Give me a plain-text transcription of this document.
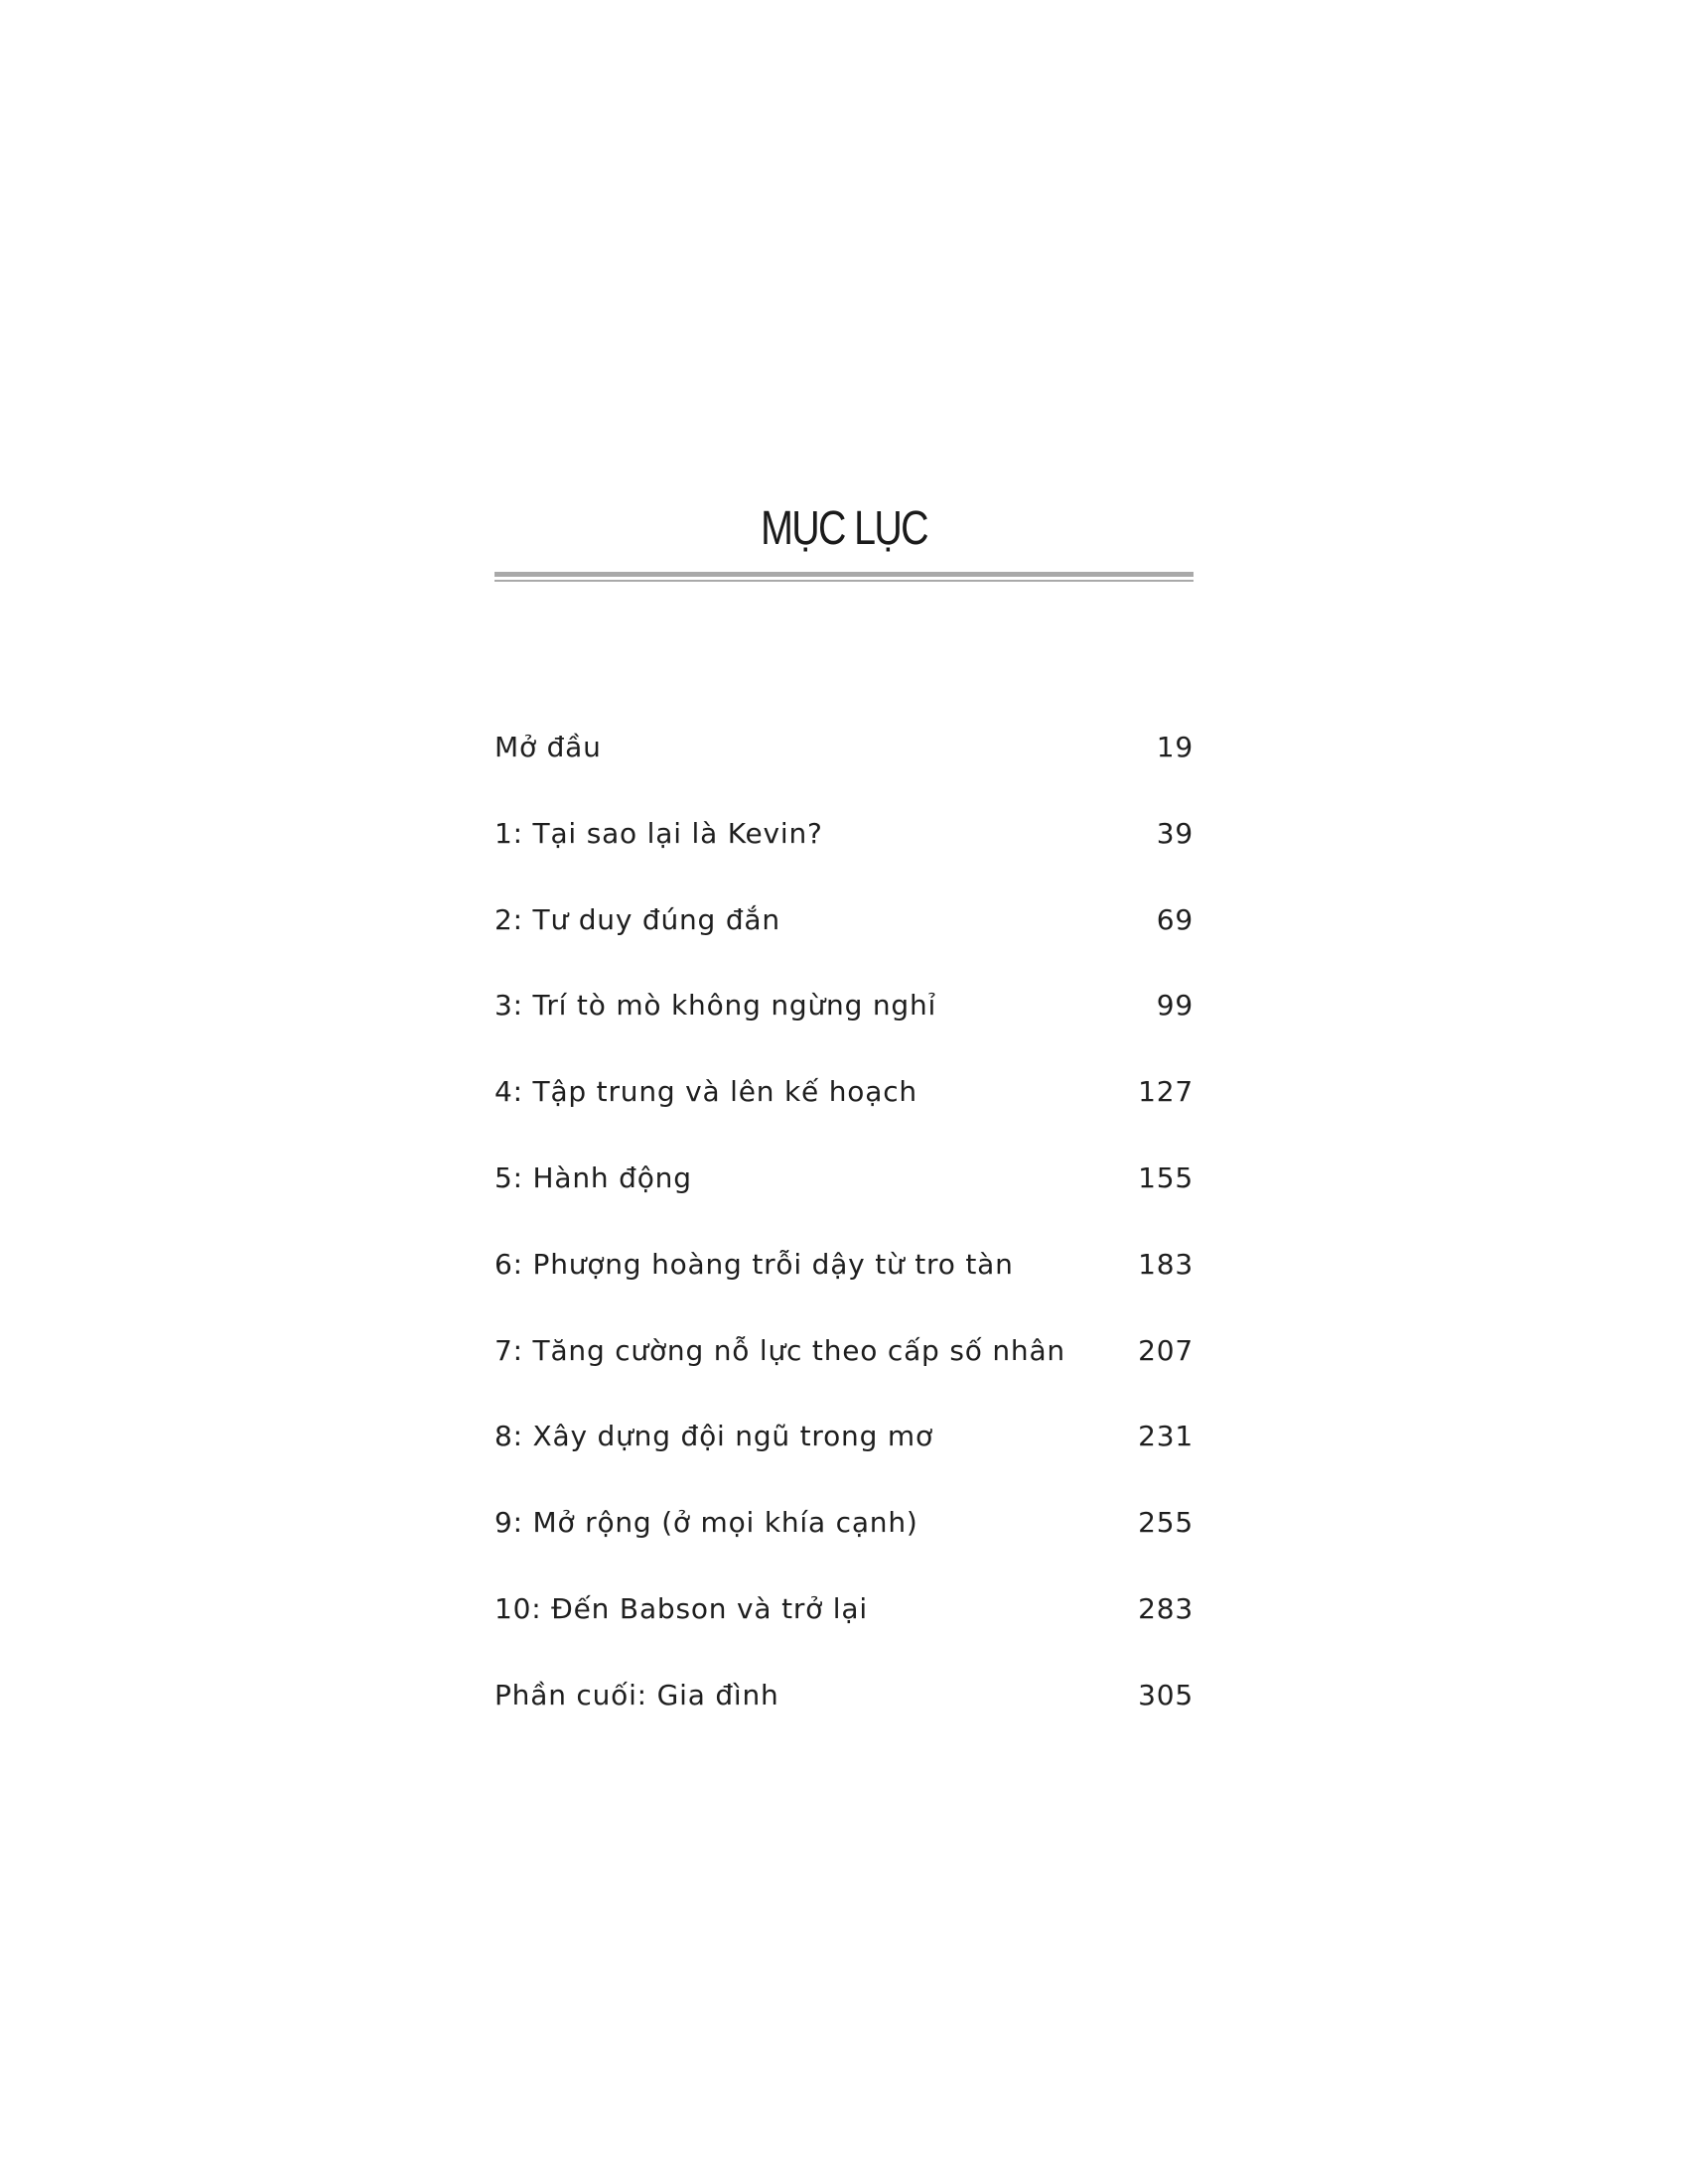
MỤC LỤC
Mở đầu	19
1: Tại sao lại là Kevin?	39
2: Tư duy đúng đắn	69
3: Trí tò mò không ngừng nghỉ	99
4: Tập trung và lên kế hoạch	127
5: Hành động	155
6: Phượng hoàng trỗi dậy từ tro tàn	183
7: Tăng cường nỗ lực theo cấp số nhân	207
8: Xây dựng đội ngũ trong mơ	231
9: Mở rộng (ở mọi khía cạnh)	255
10: Đến Babson và trở lại	283
Phần cuối: Gia đình	305
